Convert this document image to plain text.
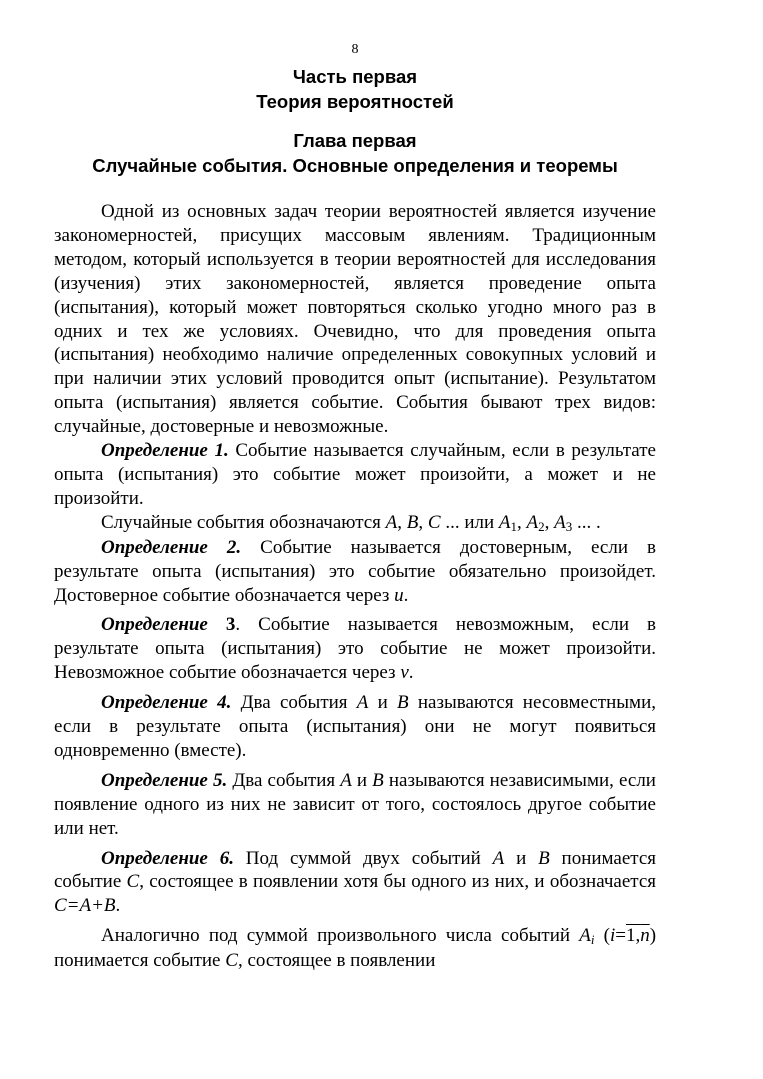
8
Часть первая
Теория вероятностей
Глава первая
Случайные события. Основные определения и теоремы

Одной из основных задач теории вероятностей является изучение закономерностей, присущих массовым явлениям. Традиционным методом, который используется в теории вероятностей для исследования (изучения) этих закономерностей, является проведение опыта (испытания), который может повторяться сколько угодно много раз в одних и тех же условиях. Очевидно, что для проведения опыта (испытания) необходимо наличие определенных совокупных условий и при наличии этих условий проводится опыт (испытание). Результатом опыта (испытания) является событие. События бывают трех видов: случайные, достоверные и невозможные.

Определение 1. Событие называется случайным, если в результате опыта (испытания) это событие может произойти, а может и не произойти.

Случайные события обозначаются A, B, C ... или A1, A2, A3 ... .

Определение 2. Событие называется достоверным, если в результате опыта (испытания) это событие обязательно произойдет. Достоверное событие обозначается через u.

Определение 3. Событие называется невозможным, если в результате опыта (испытания) это событие не может произойти. Невозможное событие обозначается через v.

Определение 4. Два события A и B называются несовместными, если в результате опыта (испытания) они не могут появиться одновременно (вместе).

Определение 5. Два события A и B называются независимыми, если появление одного из них не зависит от того, состоялось другое событие или нет.

Определение 6. Под суммой двух событий A и B понимается событие C, состоящее в появлении хотя бы одного из них, и обозначается C=A+B.

Аналогично под суммой произвольного числа событий Ai (i=1,n) понимается событие C, состоящее в появлении
